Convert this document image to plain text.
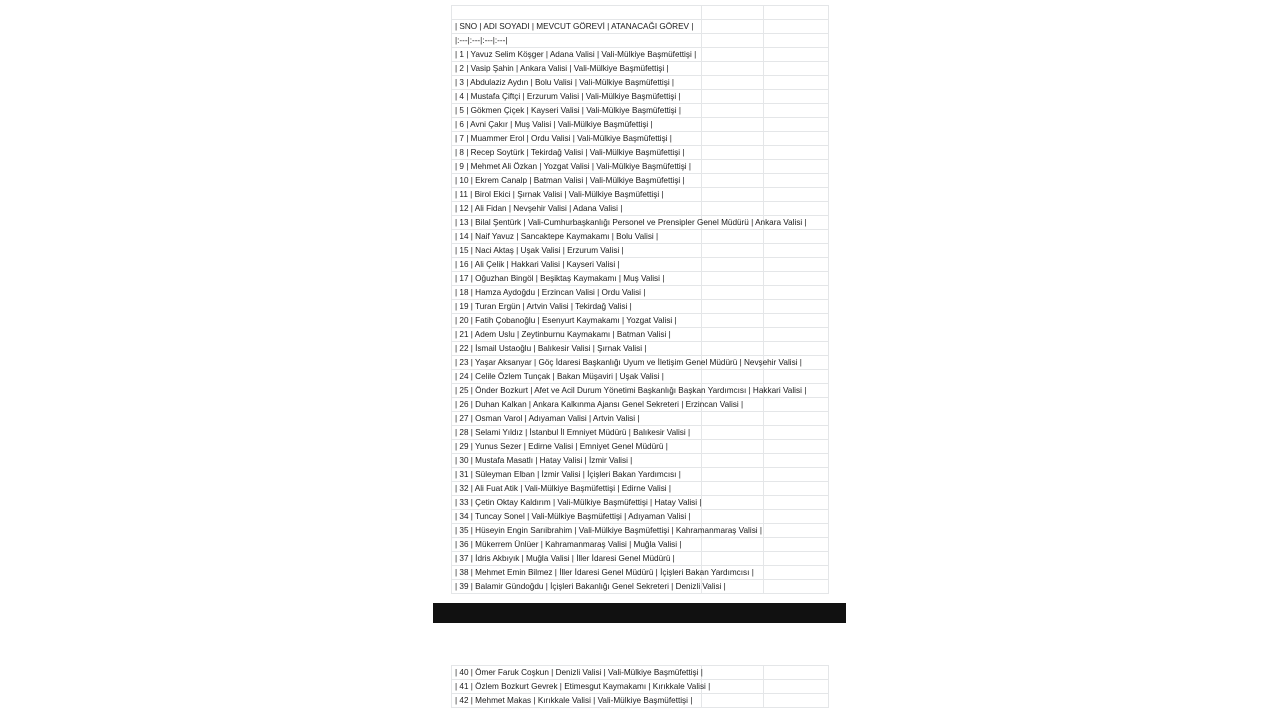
| SNO | ADI SOYADI | MEVCUT GÖREVİ | ATANACAĞI GÖREV |		

|:---|:---|:---|:---|		

| 1 | Yavuz Selim Köşger | Adana Valisi | Vali-Mülkiye Başmüfettişi |		

| 2 | Vasip Şahin | Ankara Valisi | Vali-Mülkiye Başmüfettişi |		

| 3 | Abdulaziz Aydın | Bolu Valisi | Vali-Mülkiye Başmüfettişi |		

| 4 | Mustafa Çiftçi | Erzurum Valisi | Vali-Mülkiye Başmüfettişi |		

| 5 | Gökmen Çiçek | Kayseri Valisi | Vali-Mülkiye Başmüfettişi |		

| 6 | Avni Çakır | Muş Valisi | Vali-Mülkiye Başmüfettişi |		

| 7 | Muammer Erol | Ordu Valisi | Vali-Mülkiye Başmüfettişi |		

| 8 | Recep Soytürk | Tekirdağ Valisi | Vali-Mülkiye Başmüfettişi |		

| 9 | Mehmet Ali Özkan | Yozgat Valisi | Vali-Mülkiye Başmüfettişi |		

| 10 | Ekrem Canalp | Batman Valisi | Vali-Mülkiye Başmüfettişi |		

| 11 | Birol Ekici | Şırnak Valisi | Vali-Mülkiye Başmüfettişi |		

| 12 | Ali Fidan | Nevşehir Valisi | Adana Valisi |		

| 13 | Bilal Şentürk | Vali-Cumhurbaşkanlığı Personel ve Prensipler Genel Müdürü | Ankara Valisi |		

| 14 | Naif Yavuz | Sancaktepe Kaymakamı | Bolu Valisi |		

| 15 | Naci Aktaş | Uşak Valisi | Erzurum Valisi |		

| 16 | Ali Çelik | Hakkari Valisi | Kayseri Valisi |		

| 17 | Oğuzhan Bingöl | Beşiktaş Kaymakamı | Muş Valisi |		

| 18 | Hamza Aydoğdu | Erzincan Valisi | Ordu Valisi |		

| 19 | Turan Ergün | Artvin Valisi | Tekirdağ Valisi |		

| 20 | Fatih Çobanoğlu | Esenyurt Kaymakamı | Yozgat Valisi |		

| 21 | Adem Uslu | Zeytinburnu Kaymakamı | Batman Valisi |		

| 22 | İsmail Ustaoğlu | Balıkesir Valisi | Şırnak Valisi |		

| 23 | Yaşar Aksanyar | Göç İdaresi Başkanlığı Uyum ve İletişim Genel Müdürü | Nevşehir Valisi |		

| 24 | Celile Özlem Tunçak | Bakan Müşaviri | Uşak Valisi |		

| 25 | Önder Bozkurt | Afet ve Acil Durum Yönetimi Başkanlığı Başkan Yardımcısı | Hakkari Valisi |		

| 26 | Duhan Kalkan | Ankara Kalkınma Ajansı Genel Sekreteri | Erzincan Valisi |		

| 27 | Osman Varol | Adıyaman Valisi | Artvin Valisi |		

| 28 | Selami Yıldız | İstanbul İl Emniyet Müdürü | Balıkesir Valisi |		

| 29 | Yunus Sezer | Edirne Valisi | Emniyet Genel Müdürü |		

| 30 | Mustafa Masatlı | Hatay Valisi | İzmir Valisi |		

| 31 | Süleyman Elban | İzmir Valisi | İçişleri Bakan Yardımcısı |		

| 32 | Ali Fuat Atik | Vali-Mülkiye Başmüfettişi | Edirne Valisi |		

| 33 | Çetin Oktay Kaldırım | Vali-Mülkiye Başmüfettişi | Hatay Valisi |		

| 34 | Tuncay Sonel | Vali-Mülkiye Başmüfettişi | Adıyaman Valisi |		

| 35 | Hüseyin Engin Sarıibrahim | Vali-Mülkiye Başmüfettişi | Kahramanmaraş Valisi |		

| 36 | Mükerrem Ünlüer | Kahramanmaraş Valisi | Muğla Valisi |		

| 37 | İdris Akbıyık | Muğla Valisi | İller İdaresi Genel Müdürü |		

| 38 | Mehmet Emin Bilmez | İller İdaresi Genel Müdürü | İçişleri Bakan Yardımcısı |		

| 39 | Balamir Gündoğdu | İçişleri Bakanlığı Genel Sekreteri | Denizli Valisi |		

| 40 | Ömer Faruk Coşkun | Denizli Valisi | Vali-Mülkiye Başmüfettişi |		

| 41 | Özlem Bozkurt Gevrek | Etimesgut Kaymakamı | Kırıkkale Valisi |		

| 42 | Mehmet Makas | Kırıkkale Valisi | Vali-Mülkiye Başmüfettişi |		
